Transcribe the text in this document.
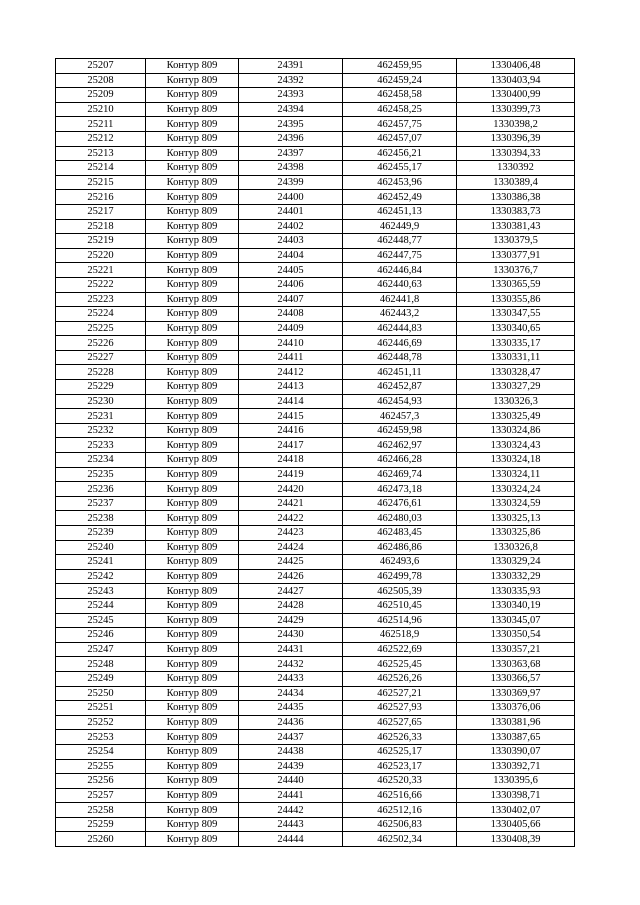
25207	Контур 809	24391	462459,95	1330406,48
25208	Контур 809	24392	462459,24	1330403,94
25209	Контур 809	24393	462458,58	1330400,99
25210	Контур 809	24394	462458,25	1330399,73
25211	Контур 809	24395	462457,75	1330398,2
25212	Контур 809	24396	462457,07	1330396,39
25213	Контур 809	24397	462456,21	1330394,33
25214	Контур 809	24398	462455,17	1330392
25215	Контур 809	24399	462453,96	1330389,4
25216	Контур 809	24400	462452,49	1330386,38
25217	Контур 809	24401	462451,13	1330383,73
25218	Контур 809	24402	462449,9	1330381,43
25219	Контур 809	24403	462448,77	1330379,5
25220	Контур 809	24404	462447,75	1330377,91
25221	Контур 809	24405	462446,84	1330376,7
25222	Контур 809	24406	462440,63	1330365,59
25223	Контур 809	24407	462441,8	1330355,86
25224	Контур 809	24408	462443,2	1330347,55
25225	Контур 809	24409	462444,83	1330340,65
25226	Контур 809	24410	462446,69	1330335,17
25227	Контур 809	24411	462448,78	1330331,11
25228	Контур 809	24412	462451,11	1330328,47
25229	Контур 809	24413	462452,87	1330327,29
25230	Контур 809	24414	462454,93	1330326,3
25231	Контур 809	24415	462457,3	1330325,49
25232	Контур 809	24416	462459,98	1330324,86
25233	Контур 809	24417	462462,97	1330324,43
25234	Контур 809	24418	462466,28	1330324,18
25235	Контур 809	24419	462469,74	1330324,11
25236	Контур 809	24420	462473,18	1330324,24
25237	Контур 809	24421	462476,61	1330324,59
25238	Контур 809	24422	462480,03	1330325,13
25239	Контур 809	24423	462483,45	1330325,86
25240	Контур 809	24424	462486,86	1330326,8
25241	Контур 809	24425	462493,6	1330329,24
25242	Контур 809	24426	462499,78	1330332,29
25243	Контур 809	24427	462505,39	1330335,93
25244	Контур 809	24428	462510,45	1330340,19
25245	Контур 809	24429	462514,96	1330345,07
25246	Контур 809	24430	462518,9	1330350,54
25247	Контур 809	24431	462522,69	1330357,21
25248	Контур 809	24432	462525,45	1330363,68
25249	Контур 809	24433	462526,26	1330366,57
25250	Контур 809	24434	462527,21	1330369,97
25251	Контур 809	24435	462527,93	1330376,06
25252	Контур 809	24436	462527,65	1330381,96
25253	Контур 809	24437	462526,33	1330387,65
25254	Контур 809	24438	462525,17	1330390,07
25255	Контур 809	24439	462523,17	1330392,71
25256	Контур 809	24440	462520,33	1330395,6
25257	Контур 809	24441	462516,66	1330398,71
25258	Контур 809	24442	462512,16	1330402,07
25259	Контур 809	24443	462506,83	1330405,66
25260	Контур 809	24444	462502,34	1330408,39
